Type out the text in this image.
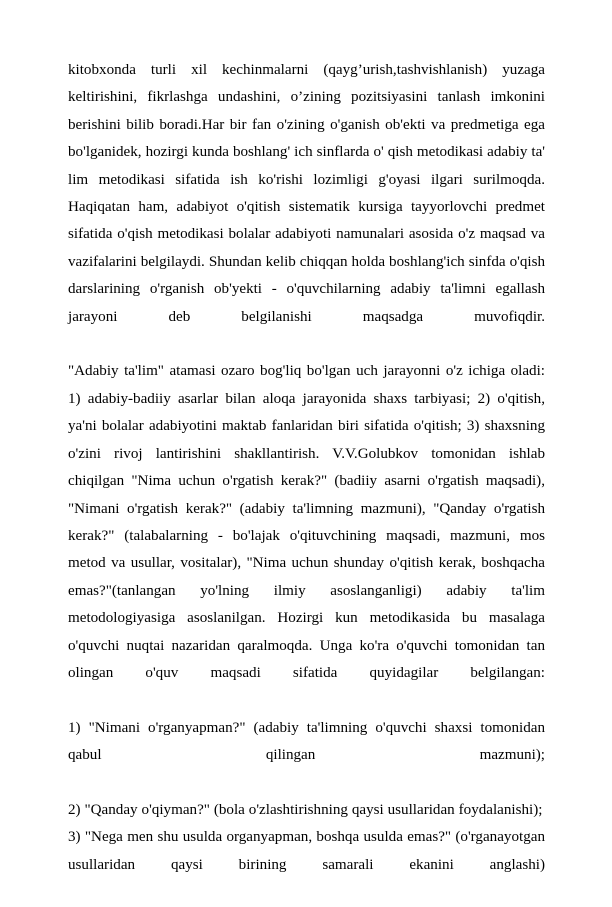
kitobxonda turli xil kechinmalarni (qayg’urish,tashvishlanish) yuzaga keltirishini, fikrlashga undashini, o’zining pozitsiyasini tanlash imkonini berishini bilib boradi.Har bir fan o'zining o'ganish ob'ekti va predmetiga ega bo'lganidek, hozirgi kunda boshlang' ich sinflarda o' qish metodikasi adabiy ta' lim metodikasi sifatida ish ko'rishi lozimligi g'oyasi ilgari surilmoqda. Haqiqatan ham, adabiyot o'qitish sistematik kursiga tayyorlovchi predmet sifatida o'qish metodikasi bolalar adabiyoti namunalari asosida o'z maqsad va vazifalarini belgilaydi. Shundan kelib chiqqan holda boshlang'ich sinfda o'qish darslarining o'rganish ob'yekti - o'quvchilarning adabiy ta'limni egallash jarayoni deb belgilanishi maqsadga muvofiqdir.

"Adabiy ta'lim" atamasi ozaro bog'liq bo'lgan uch jarayonni o'z ichiga oladi: 1) adabiy-badiiy asarlar bilan aloqa jarayonida shaxs tarbiyasi; 2) o'qitish, ya'ni bolalar adabiyotini maktab fanlaridan biri sifatida o'qitish; 3) shaxsning o'zini rivoj lantirishini shakllantirish. V.V.Golubkov tomonidan ishlab chiqilgan "Nima uchun o'rgatish kerak?" (badiiy asarni o'rgatish maqsadi), "Nimani o'rgatish kerak?" (adabiy ta'limning mazmuni), "Qanday o'rgatish kerak?" (talabalarning - bo'lajak o'qituvchining maqsadi, mazmuni, mos metod va usullar, vositalar), "Nima uchun shunday o'qitish kerak, boshqacha emas?"(tanlangan yo'lning ilmiy asoslanganligi) adabiy ta'lim metodologiyasiga asoslanilgan. Hozirgi kun metodikasida bu masalaga o'quvchi nuqtai nazaridan qaralmoqda. Unga ko'ra o'quvchi tomonidan tan olingan o'quv maqsadi sifatida quyidagilar belgilangan:

1) "Nimani o'rganyapman?" (adabiy ta'limning o'quvchi shaxsi tomonidan qabul qilingan mazmuni);

2) "Qanday o'qiyman?" (bola o'zlashtirishning qaysi usullaridan foydalanishi);

3) "Nega men shu usulda organyapman, boshqa usulda emas?" (o'rganayotgan usullaridan qaysi birining samarali ekanini anglashi)
